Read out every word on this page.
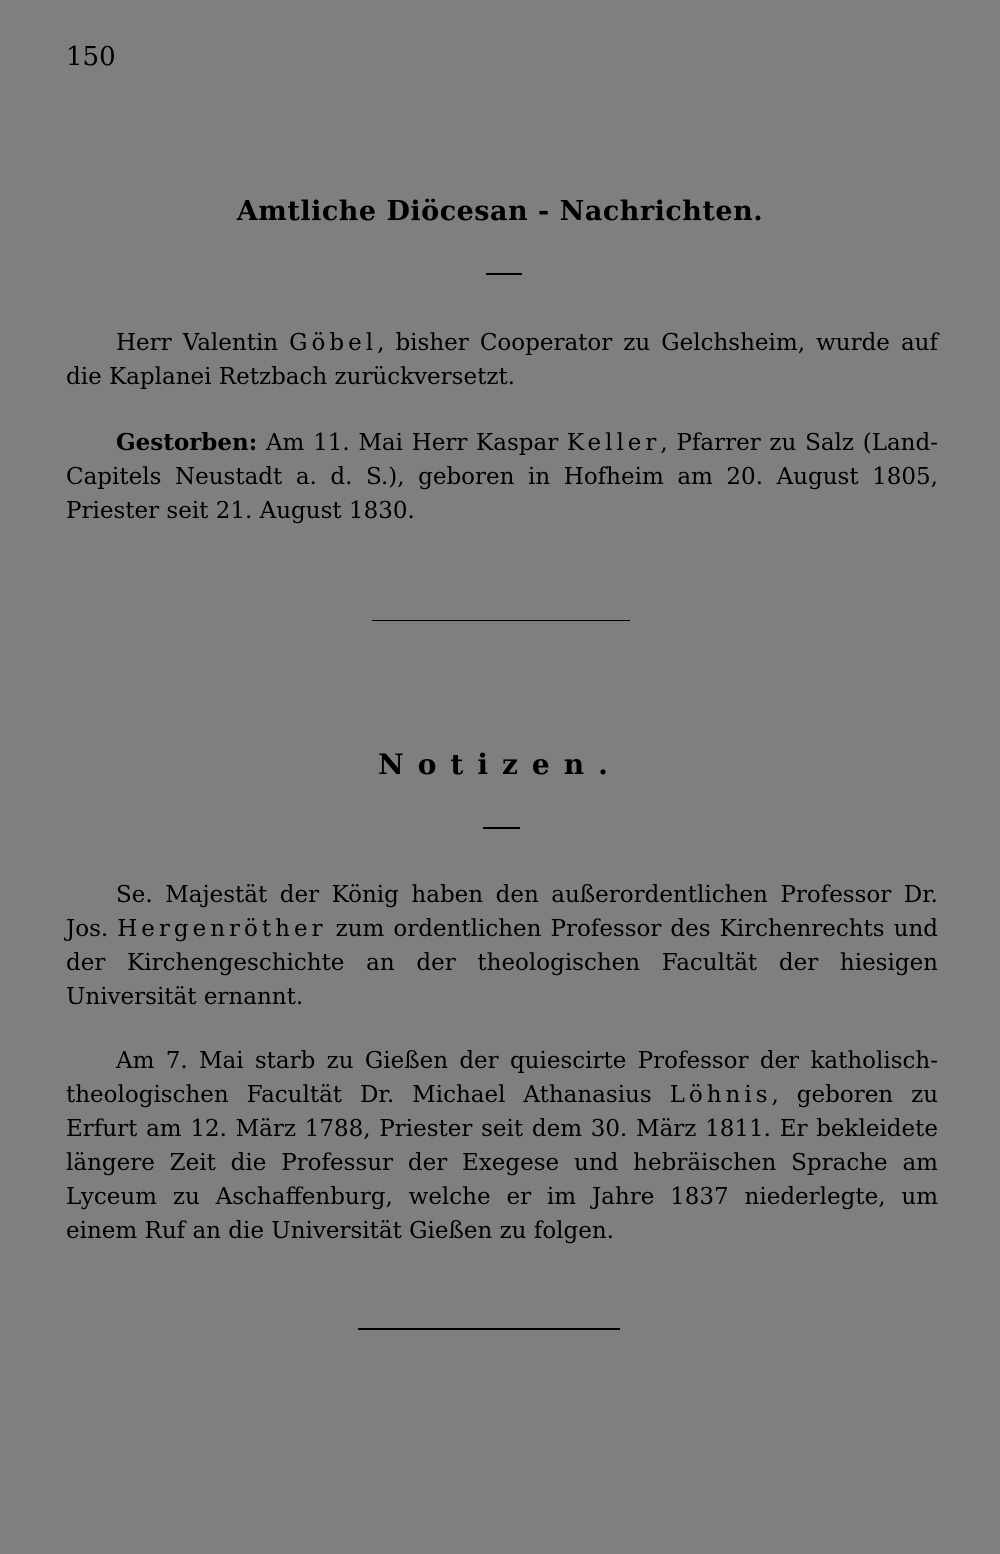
150
Amtliche Diöcesan - Nachrichten.
Herr Valentin Göbel, bisher Cooperator zu Gelchsheim, wurde auf die Kaplanei Retzbach zurückversetzt.
Gestorben: Am 11. Mai Herr Kaspar Keller, Pfarrer zu Salz (Land-Capitels Neustadt a. d. S.), geboren in Hofheim am 20. August 1805, Priester seit 21. August 1830.
Notizen.
Se. Majestät der König haben den außerordentlichen Professor Dr. Jos. Hergenröther zum ordentlichen Professor des Kirchenrechts und der Kirchengeschichte an der theologischen Facultät der hiesigen Universität ernannt.
Am 7. Mai starb zu Gießen der quiescirte Professor der katholisch-theologischen Facultät Dr. Michael Athanasius Löhnis, geboren zu Erfurt am 12. März 1788, Priester seit dem 30. März 1811. Er bekleidete längere Zeit die Professur der Exegese und hebräischen Sprache am Lyceum zu Aschaffenburg, welche er im Jahre 1837 niederlegte, um einem Ruf an die Universität Gießen zu folgen.
